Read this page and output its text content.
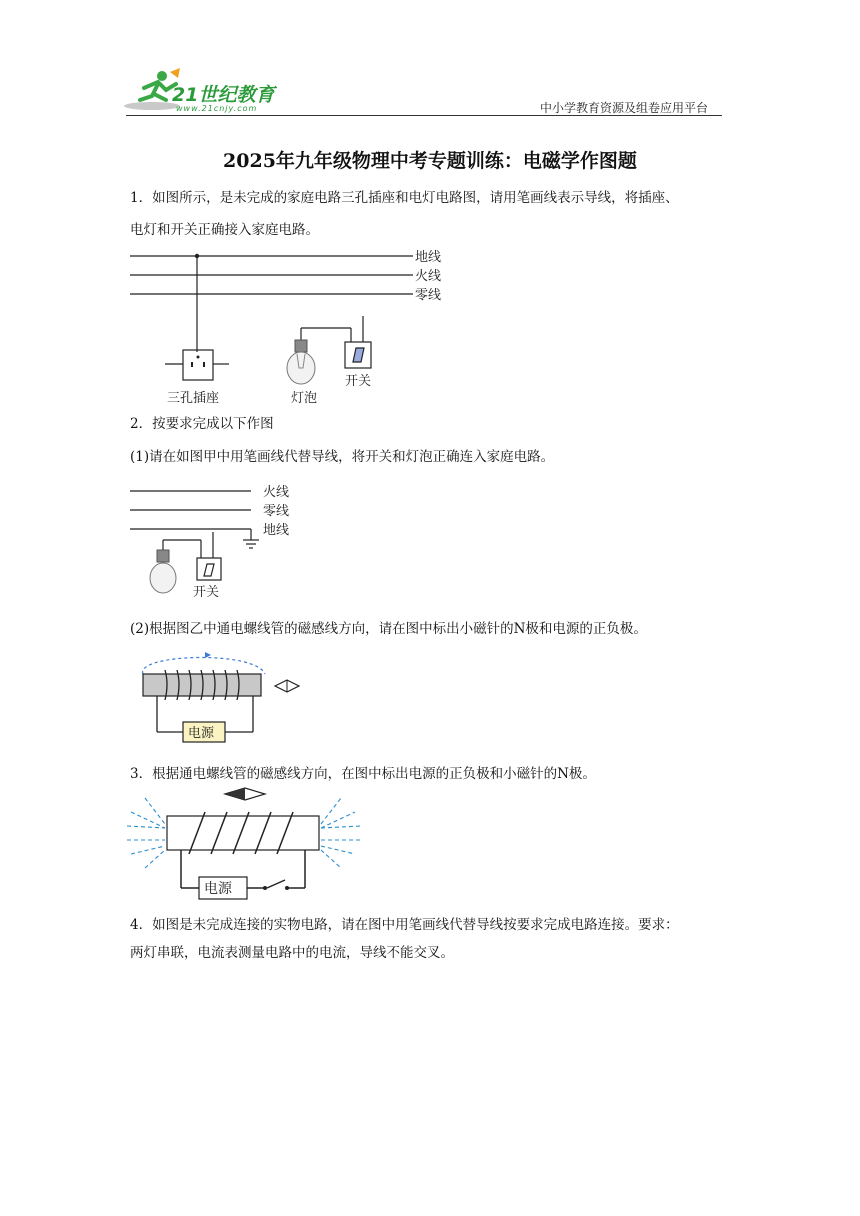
21世纪教育
www.21cnjy.com	中小学教育资源及组卷应用平台
2025年九年级物理中考专题训练：电磁学作图题
1．如图所示，是未完成的家庭电路三孔插座和电灯电路图，请用笔画线表示导线，将插座、
电灯和开关正确接入家庭电路。
地线
火线
零线
三孔插座	灯泡
开关
2．按要求完成以下作图
(1)请在如图甲中用笔画线代替导线，将开关和灯泡正确连入家庭电路。
火线
零线
地线
开关
(2)根据图乙中通电螺线管的磁感线方向，请在图中标出小磁针的N极和电源的正负极。
电源
3．根据通电螺线管的磁感线方向，在图中标出电源的正负极和小磁针的N极。
电源
4．如图是未完成连接的实物电路，请在图中用笔画线代替导线按要求完成电路连接。要求：
两灯串联，电流表测量电路中的电流，导线不能交叉。
